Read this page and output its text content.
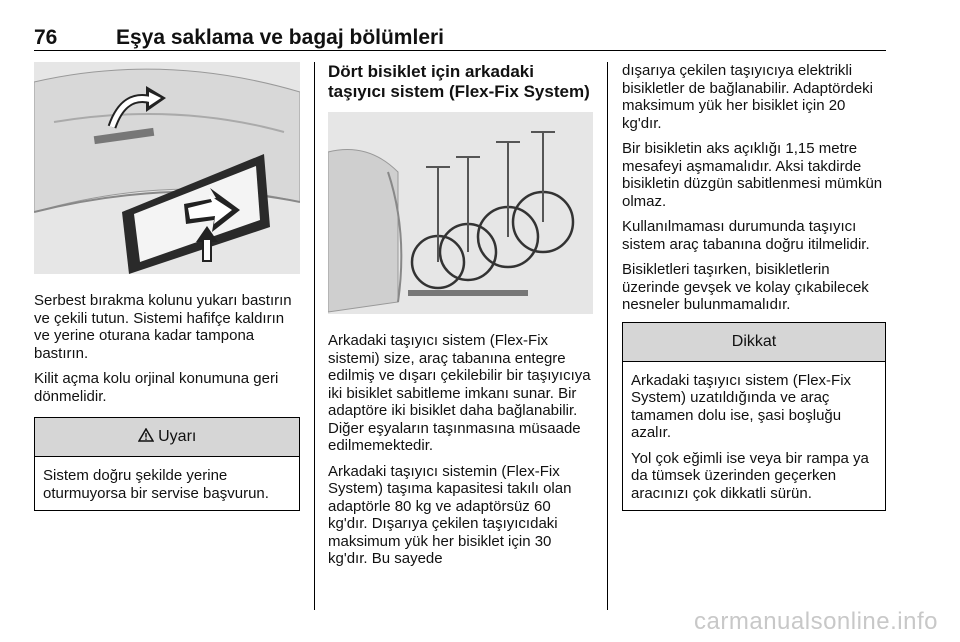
76	Eşya saklama ve bagaj bölümleri

Serbest bırakma kolunu yukarı bastırın ve çekili tutun. Sistemi hafifçe kaldırın ve yerine oturana kadar tampona bastırın.

Kilit açma kolu orjinal konumuna geri dönmelidir.

Uyarı

Sistem doğru şekilde yerine oturmuyorsa bir servise başvurun.

Dört bisiklet için arkadaki taşıyıcı sistem (Flex-Fix System)

Arkadaki taşıyıcı sistem (Flex-Fix sistemi) size, araç tabanına entegre edilmiş ve dışarı çekilebilir bir taşıyıcıya iki bisiklet sabitleme imkanı sunar. Bir adaptöre iki bisiklet daha bağlanabilir. Diğer eşyaların taşınmasına müsaade edilmemektedir.

Arkadaki taşıyıcı sistemin (Flex-Fix System) taşıma kapasitesi takılı olan adaptörle 80 kg ve adaptörsüz 60 kg'dır. Dışarıya çekilen taşıyıcıdaki maksimum yük her bisiklet için 30 kg'dır. Bu sayede

dışarıya çekilen taşıyıcıya elektrikli bisikletler de bağlanabilir. Adaptördeki maksimum yük her bisiklet için 20 kg'dır.

Bir bisikletin aks açıklığı 1,15 metre mesafeyi aşmamalıdır. Aksi takdirde bisikletin düzgün sabitlenmesi mümkün olmaz.

Kullanılmaması durumunda taşıyıcı sistem araç tabanına doğru itilmelidir.

Bisikletleri taşırken, bisikletlerin üzerinde gevşek ve kolay çıkabilecek nesneler bulunmamalıdır.

Dikkat

Arkadaki taşıyıcı sistem (Flex-Fix System) uzatıldığında ve araç tamamen dolu ise, şasi boşluğu azalır.

Yol çok eğimli ise veya bir rampa ya da tümsek üzerinden geçerken aracınızı çok dikkatli sürün.

carmanualsonline.info
